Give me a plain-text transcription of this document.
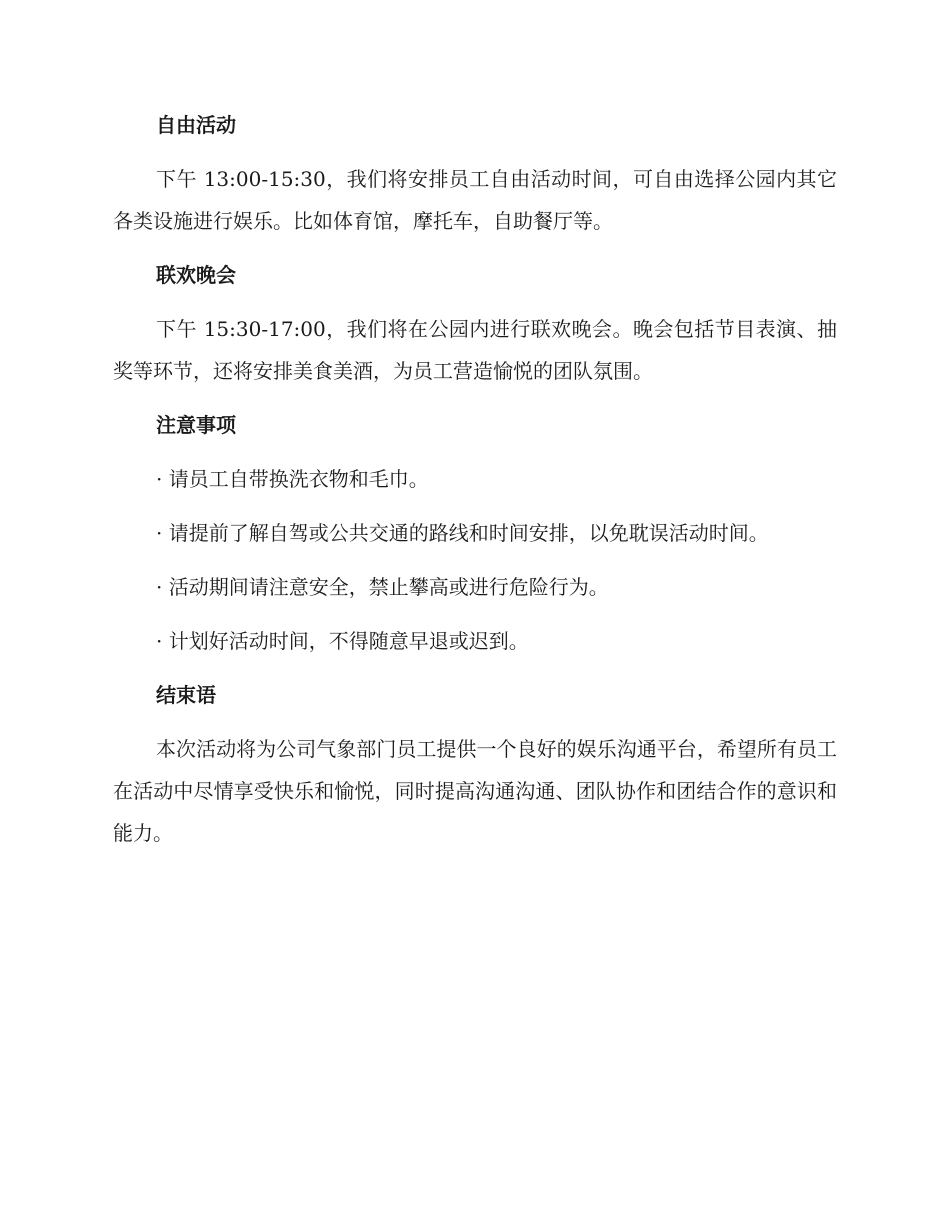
自由活动

下午 13:00-15:30，我们将安排员工自由活动时间，可自由选择公园内其它各类设施进行娱乐。比如体育馆，摩托车，自助餐厅等。

联欢晚会

下午 15:30-17:00，我们将在公园内进行联欢晚会。晚会包括节目表演、抽奖等环节，还将安排美食美酒，为员工营造愉悦的团队氛围。

注意事项

· 请员工自带换洗衣物和毛巾。

· 请提前了解自驾或公共交通的路线和时间安排，以免耽误活动时间。

· 活动期间请注意安全，禁止攀高或进行危险行为。

· 计划好活动时间，不得随意早退或迟到。

结束语

本次活动将为公司气象部门员工提供一个良好的娱乐沟通平台，希望所有员工在活动中尽情享受快乐和愉悦，同时提高沟通沟通、团队协作和团结合作的意识和能力。
